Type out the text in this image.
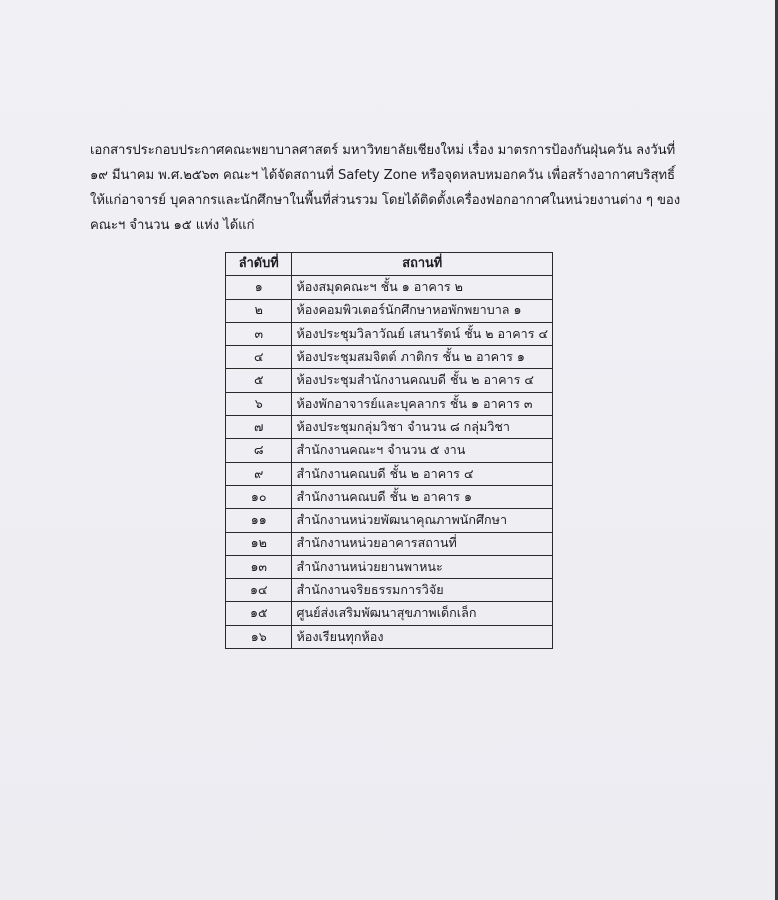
เอกสารประกอบประกาศคณะพยาบาลศาสตร์ มหาวิทยาลัยเชียงใหม่ เรื่อง มาตรการป้องกันฝุ่นควัน ลงวันที่

๑๙ มีนาคม พ.ศ.๒๕๖๓ คณะฯ ได้จัดสถานที่ Safety Zone หรือจุดหลบหมอกควัน เพื่อสร้างอากาศบริสุทธิ์

ให้แก่อาจารย์ บุคลากรและนักศึกษาในพื้นที่ส่วนรวม โดยได้ติดตั้งเครื่องฟอกอากาศในหน่วยงานต่าง ๆ ของ

คณะฯ จำนวน ๑๕ แห่ง ได้แก่

ลำดับที่	สถานที่
๑	ห้องสมุดคณะฯ ชั้น ๑ อาคาร ๒
๒	ห้องคอมพิวเตอร์นักศึกษาหอพักพยาบาล ๑
๓	ห้องประชุมวิลาวัณย์ เสนารัตน์ ชั้น ๒ อาคาร ๔
๔	ห้องประชุมสมจิตต์ ภาติกร ชั้น ๒ อาคาร ๑
๕	ห้องประชุมสำนักงานคณบดี ชั้น ๒ อาคาร ๔
๖	ห้องพักอาจารย์และบุคลากร ชั้น ๑ อาคาร ๓
๗	ห้องประชุมกลุ่มวิชา จำนวน ๘ กลุ่มวิชา
๘	สำนักงานคณะฯ จำนวน ๕ งาน
๙	สำนักงานคณบดี ชั้น ๒ อาคาร ๔
๑๐	สำนักงานคณบดี ชั้น ๒ อาคาร ๑
๑๑	สำนักงานหน่วยพัฒนาคุณภาพนักศึกษา
๑๒	สำนักงานหน่วยอาคารสถานที่
๑๓	สำนักงานหน่วยยานพาหนะ
๑๔	สำนักงานจริยธรรมการวิจัย
๑๕	ศูนย์ส่งเสริมพัฒนาสุขภาพเด็กเล็ก
๑๖	ห้องเรียนทุกห้อง
